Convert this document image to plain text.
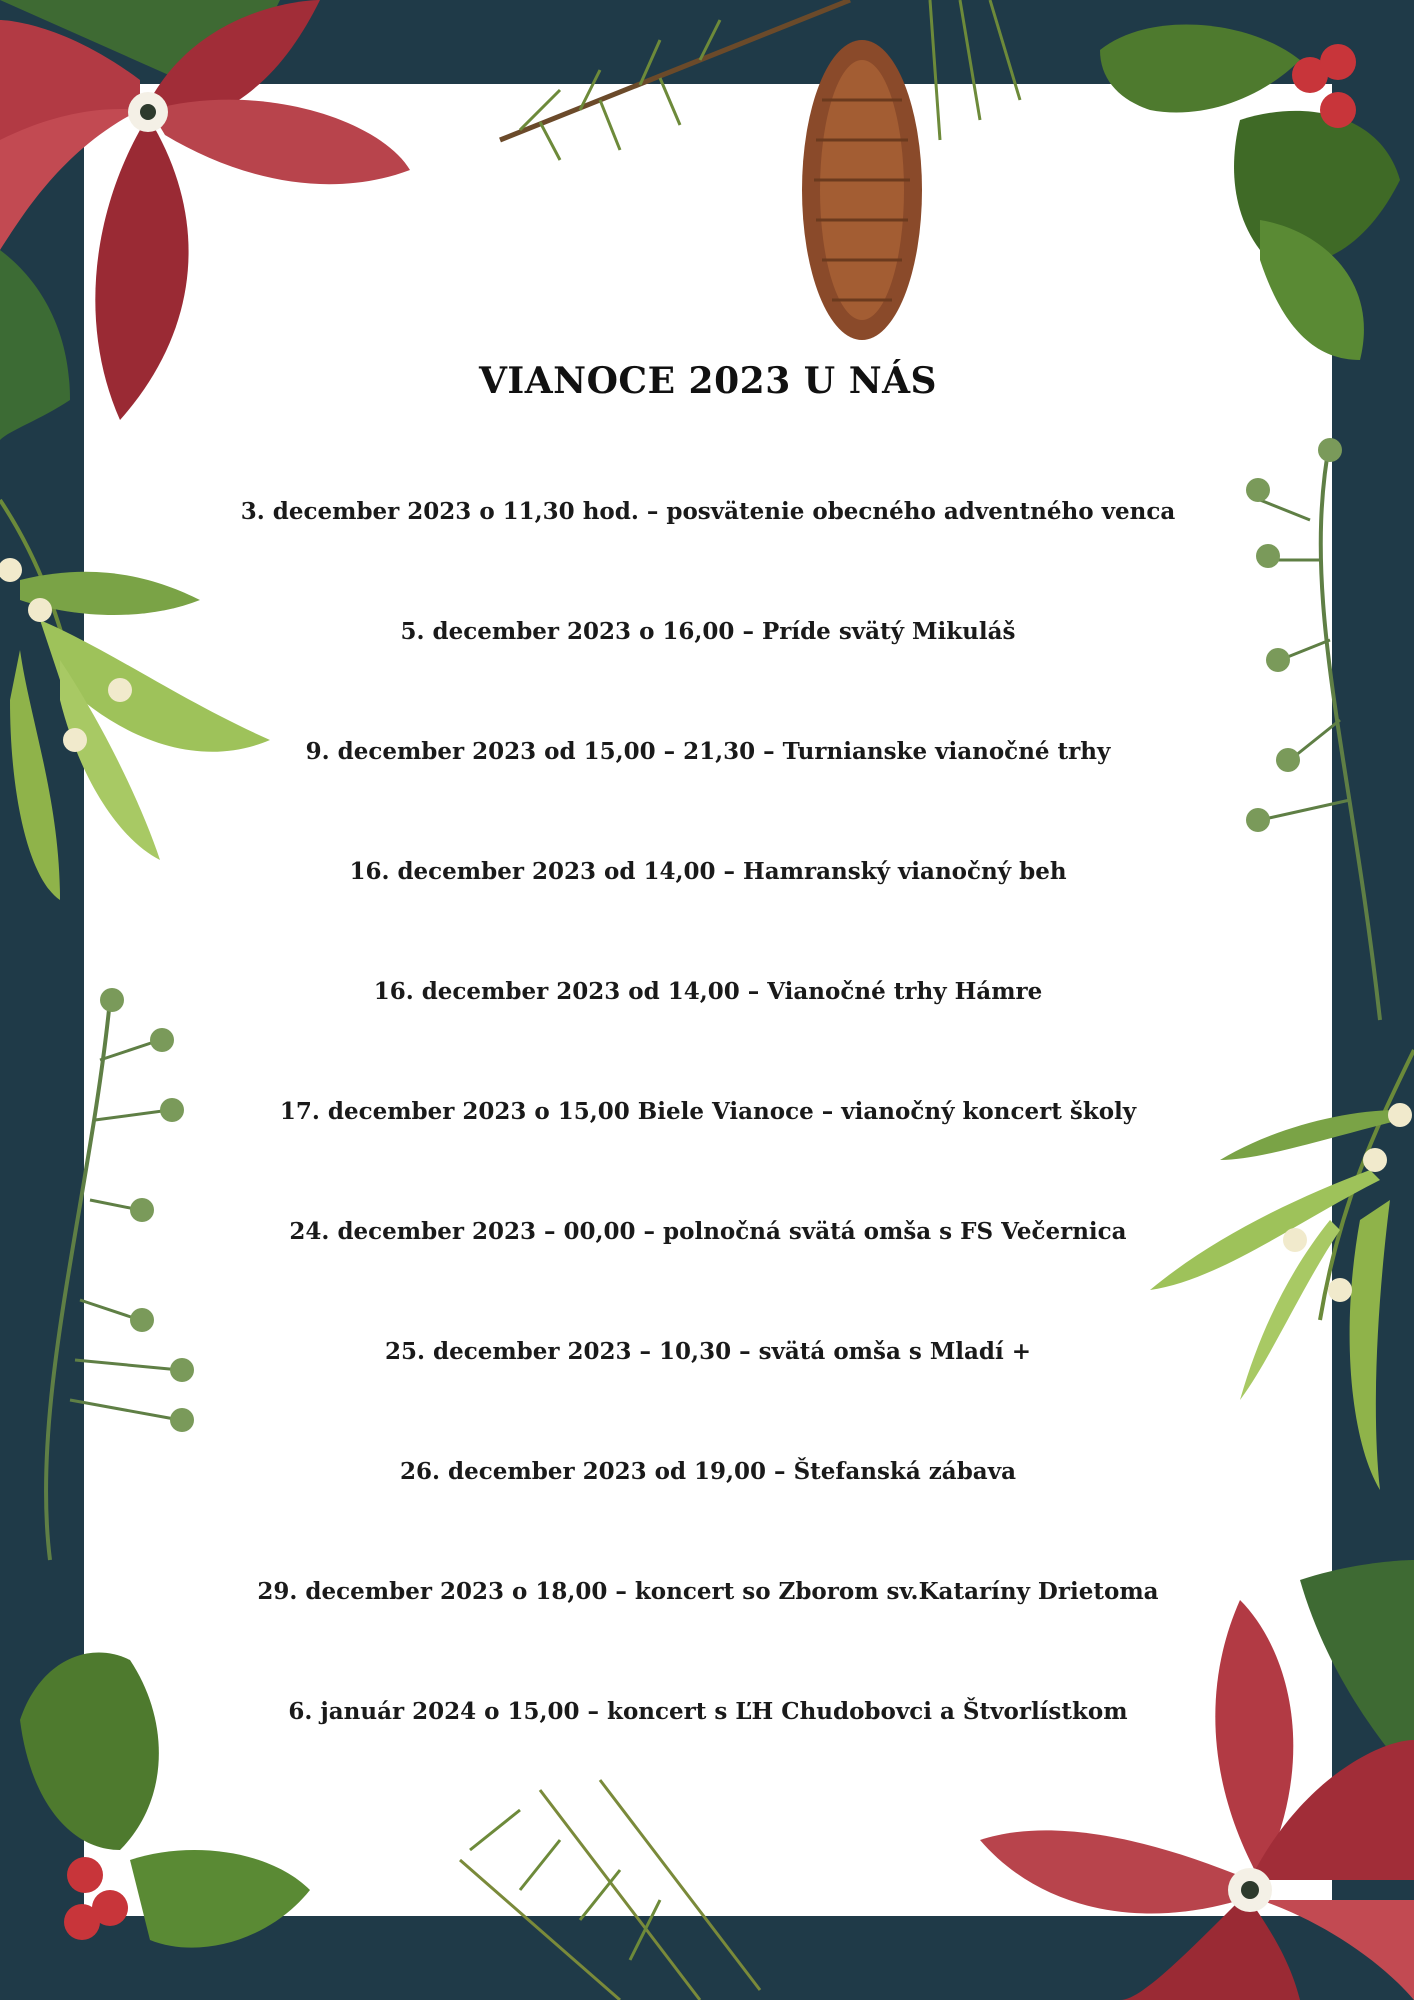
VIANOCE 2023 U NÁS
3. december 2023 o 11,30 hod. – posvätenie obecného adventného venca
5. december 2023 o 16,00 – Príde svätý Mikuláš
9. december 2023 od 15,00 – 21,30 – Turnianske vianočné trhy
16. december 2023 od 14,00 – Hamranský vianočný beh
16. december 2023 od 14,00 – Vianočné trhy Hámre
17. december 2023 o 15,00 Biele Vianoce – vianočný koncert školy
24. december 2023 – 00,00 – polnočná svätá omša s FS Večernica
25. december 2023 – 10,30 – svätá omša s Mladí +
26. december 2023 od 19,00 – Štefanská zábava
29. december 2023 o 18,00 – koncert so Zborom sv.Kataríny Drietoma
6. január 2024 o 15,00 – koncert s ĽH Chudobovci a Štvorlístkom
